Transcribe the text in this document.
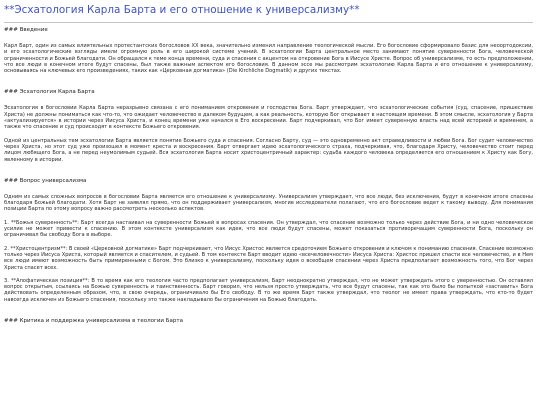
**Эсхатология Карла Барта и его отношение к универсализму**
### Введение

Карл Барт, один из самых влиятельных протестантских богословов XX века, значительно изменил направление теологической мысли. Его богословие сформировало базис для неоортодоксии, и его эсхатологические взгляды имели огромную роль в его широкой системе учений. В эсхатологии Барта центральное место занимают понятие суверенности Бога, человеческой ограниченности и Божьей благодати. Он обращался к теме конца времени, суда и спасения с акцентом на откровение Бога в Иисусе Христе. Вопрос об универсализме, то есть предположении, что все люди в конечном итоге будут спасены, был также важным аспектом его богословия. В данном эссе мы рассмотрим эсхатологию Карла Барта и его отношение к универсализму, основываясь на ключевых его произведениях, таких как «Церковная догматика» (Die Kirchliche Dogmatik) и других текстах.

### Эсхатология Карла Барта

Эсхатология в богословии Карла Барта неразрывно связана с его пониманием откровения и господства Бога. Барт утверждает, что эсхатологические события (суд, спасение, пришествие Христа) не должны пониматься как что-то, что ожидает человечество в далеком будущем, а как реальность, которую Бог открывает в настоящем времени. В этом смысле, эсхатология у Барта «актуализируется» в истории через Иисуса Христа, и конец времени уже начался в Его воскресении. Барт подчеркивал, что Бог имеет суверенную власть над всей историей и временем, а также что спасение и суд происходят в контексте Божьего откровения.

Одной из центральных тем эсхатологии Барта является понятие Божьего суда и спасения. Согласно Барту, суд — это одновременно акт справедливости и любви Бога. Бог судит человечество через Христа, но этот суд уже произошел в момент креста и воскресения. Барт отвергает идею эсхатологического страха, подчеркивая, что, благодаря Христу, человечество стоит перед лицом любящего Бога, а не перед неумолимым судьей. Вся эсхатология Барта носит христоцентричный характер: судьба каждого человека определяется его отношением к Христу как Богу, явленному в истории.

### Вопрос универсализма

Одним из самых сложных вопросов в богословии Барта является его отношение к универсализму. Универсализм утверждает, что все люди, без исключения, будут в конечном итоге спасены благодаря Божьей благодати. Хотя Барт не заявлял прямо, что он поддерживает универсализм, многие исследователи полагают, что его богословие ведет к такому выводу. Для понимания позиции Барта по этому вопросу важно рассмотреть несколько аспектов.

1. **Божья суверенность**: Барт всегда настаивал на суверенности Божьей в вопросах спасения. Он утверждал, что спасение возможно только через действие Бога, и ни одно человеческое усилие не может привести к спасению. В этом контексте универсализм как идея, что все люди будут спасены, может показаться противоречащим суверенности Бога, поскольку он ограничивал бы свободу Бога в выборе.

2. **Христоцентризм**: В своей «Церковной догматике» Барт подчеркивает, что Иисус Христос является средоточием Божьего откровения и ключом к пониманию спасения. Спасение возможно только через Иисуса Христа, который является и спасителем, и судьей. В том контексте Барт вводит идею «всечеловечности» Иисуса Христа: Христос пришел спасти все человечество, и в Нем все люди имеют возможность быть примиренными с Богом. Это близко к универсализму, поскольку идея о всеобщем спасении через Христа предполагает возможность того, что Бог через Христа спасет всех.

3. **Апофатическая позиция**: В то время как его теология часто предполагает универсализм, Барт неоднократно утверждал, что не может утверждать этого с уверенностью. Он оставлял вопрос открытым, ссылаясь на Божью суверенность и таинственность. Барт говорил, что нельзя просто утверждать, что все будут спасены, так как это было бы попыткой «заставить» Бога действовать определенным образом, что, в свою очередь, ограничивало бы Его свободу. В то же время Барт также утверждал, что теолог не имеет права утверждать, что кто-то будет навсегда исключен из Божьего спасения, поскольку это также накладывало бы ограничения на Божью благодать.

### Критика и поддержка универсализма в теологии Барта
